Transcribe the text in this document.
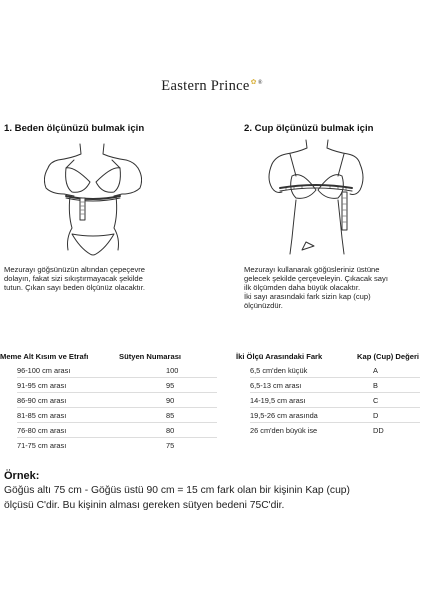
Eastern Prince✿®
1. Beden ölçünüzü bulmak için	2. Cup ölçünüzü bulmak için
Mezurayı göğsünüzün altından çepeçevre
dolayın, fakat sizi sıkıştırmayacak şekilde
tutun. Çıkan sayı beden ölçünüz olacaktır.
Mezurayı kullanarak göğüsleriniz üstüne
gelecek şekilde çerçeveleyin. Çıkacak sayı
ilk ölçümden daha büyük olacaktır.
İki sayı arasındaki fark sizin kap (cup)
ölçünüzdür.
Meme Alt Kısım ve Etrafı	Sütyen Numarası
96-100 cm arası	100
91-95 cm arası	95
86-90 cm arası	90
81-85 cm arası	85
76-80 cm arası	80
71-75 cm arası	75
İki Ölçü Arasındaki Fark	Kap (Cup) Değeri
6,5 cm'den küçük	A
6,5-13 cm arası	B
14-19,5 cm arası	C
19,5-26 cm arasında	D
26 cm'den büyük ise	DD
Örnek:
Göğüs altı 75 cm - Göğüs üstü 90 cm = 15 cm fark olan bir kişinin Kap (cup)
ölçüsü C'dir. Bu kişinin alması gereken sütyen bedeni 75C'dir.
